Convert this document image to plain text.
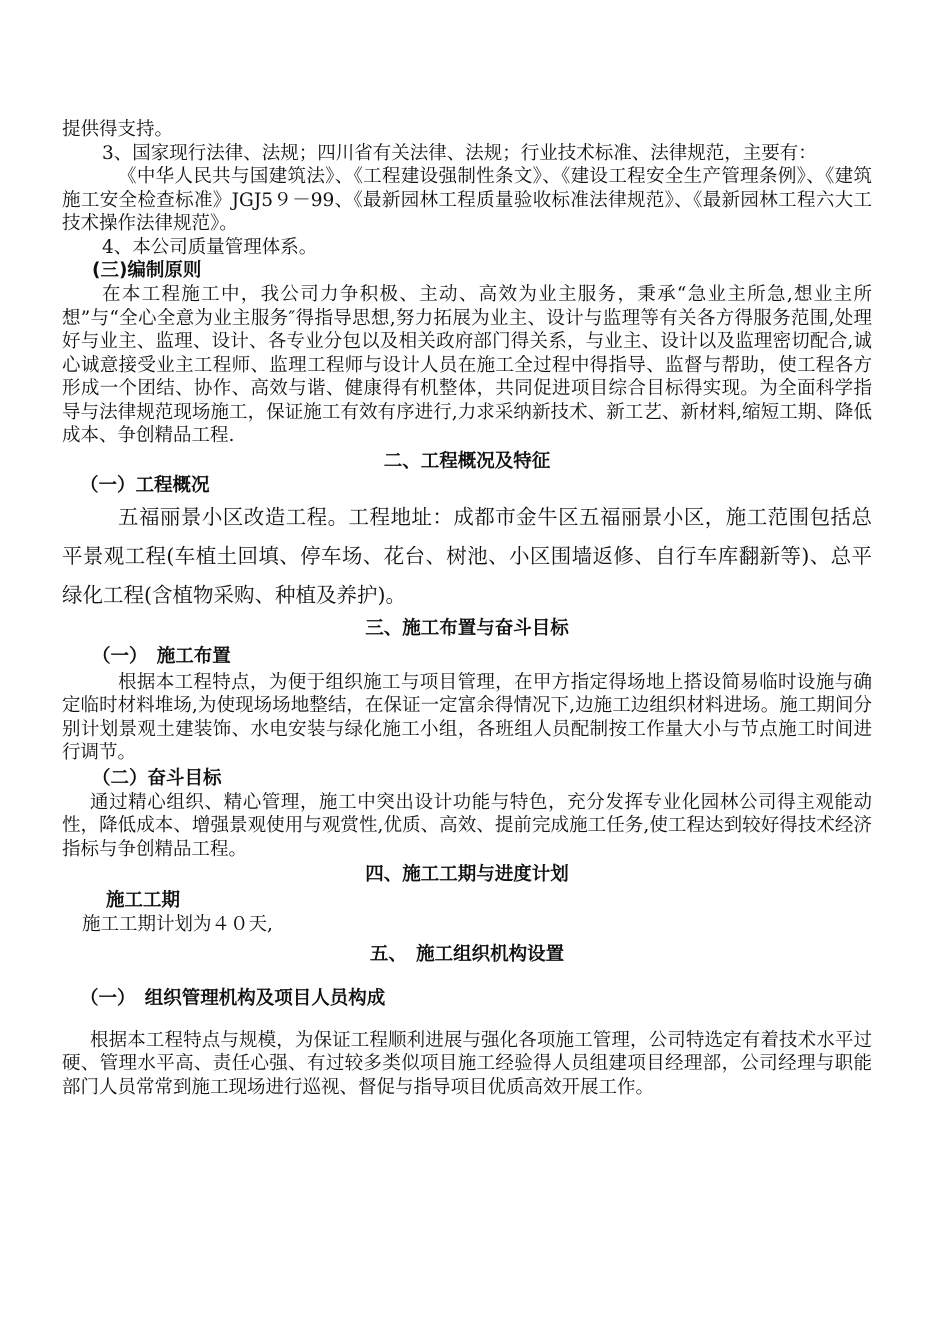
提供得支持。

3、国家现行法律、法规；四川省有关法律、法规；行业技术标准、法律规范，主要有：

《中华人民共与国建筑法》、《工程建设强制性条文》、《建设工程安全生产管理条例》、《建筑施工安全检查标准》JGJ5９－99、《最新园林工程质量验收标准法律规范》、《最新园林工程六大工技术操作法律规范》。

4、本公司质量管理体系。

(三)编制原则

在本工程施工中，我公司力争积极、主动、高效为业主服务，秉承“急业主所急,想业主所想”与“全心全意为业主服务″得指导思想,努力拓展为业主、设计与监理等有关各方得服务范围,处理好与业主、监理、设计、各专业分包以及相关政府部门得关系，与业主、设计以及监理密切配合,诚心诚意接受业主工程师、监理工程师与设计人员在施工全过程中得指导、监督与帮助，使工程各方形成一个团结、协作、高效与谐、健康得有机整体，共同促进项目综合目标得实现。为全面科学指导与法律规范现场施工，保证施工有效有序进行,力求采纳新技术、新工艺、新材料,缩短工期、降低成本、争创精品工程.

二、工程概况及特征

（一）工程概况

五福丽景小区改造工程。工程地址：成都市金牛区五福丽景小区，施工范围包括总平景观工程(车植土回填、停车场、花台、树池、小区围墙返修、自行车库翻新等)、总平绿化工程(含植物采购、种植及养护)。

三、施工布置与奋斗目标

（一）　施工布置

根据本工程特点，为便于组织施工与项目管理，在甲方指定得场地上搭设简易临时设施与确定临时材料堆场,为使现场场地整结，在保证一定富余得情况下,边施工边组织材料进场。施工期间分别计划景观土建装饰、水电安装与绿化施工小组，各班组人员配制按工作量大小与节点施工时间进行调节。

（二）奋斗目标

通过精心组织、精心管理，施工中突出设计功能与特色，充分发挥专业化园林公司得主观能动性，降低成本、增强景观使用与观赏性,优质、高效、提前完成施工任务,使工程达到较好得技术经济指标与争创精品工程。

四、施工工期与进度计划

施工工期

施工工期计划为４０天,

五、　施工组织机构设置

（一）　组织管理机构及项目人员构成

根据本工程特点与规模，为保证工程顺利进展与强化各项施工管理，公司特选定有着技术水平过硬、管理水平高、责任心强、有过较多类似项目施工经验得人员组建项目经理部，公司经理与职能部门人员常常到施工现场进行巡视、督促与指导项目优质高效开展工作。
